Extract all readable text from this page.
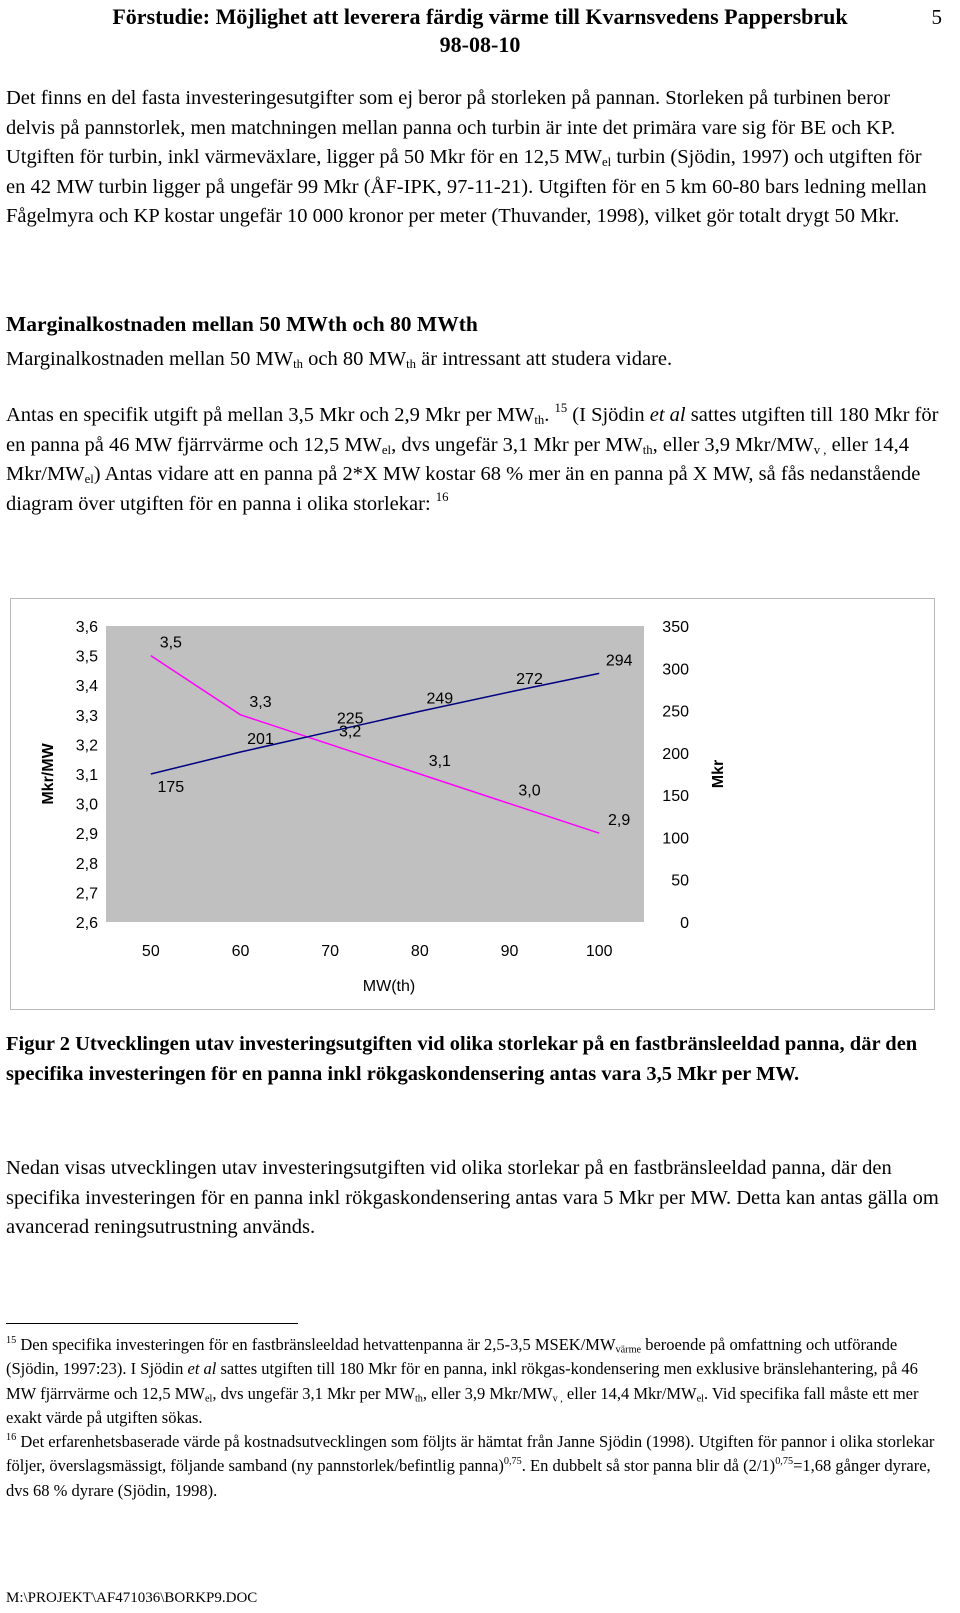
Förstudie: Möjlighet att leverera färdig värme till Kvarnsvedens Pappersbruk
98-08-10
5

Det finns en del fasta investeringesutgifter som ej beror på storleken på pannan. Storleken på turbinen beror delvis på pannstorlek, men matchningen mellan panna och turbin är inte det primära vare sig för BE och KP. Utgiften för turbin, inkl värmeväxlare, ligger på 50 Mkr för en 12,5 $MW_{el}$ turbin (Sjödin, 1997) och utgiften för en 42 MW turbin ligger på ungefär 99 Mkr (ÅF-IPK, 97-11-21). Utgiften för en 5 km 60-80 bars ledning mellan Fågelmyra och KP kostar ungefär 10 000 kronor per meter (Thuvander, 1998), vilket gör totalt drygt 50 Mkr.

Marginalkostnaden mellan 50 MWth och 80 MWth

Marginalkostnaden mellan 50 $MW_{th}$ och 80 $MW_{th}$ är intressant att studera vidare.

Antas en specifik utgift på mellan 3,5 Mkr och 2,9 Mkr per $MW_{th}$. $^{15}$ (I Sjödin et al sattes utgiften till 180 Mkr för en panna på 46 MW fjärrvärme och 12,5 $MW_{el}$, dvs ungefär 3,1 Mkr per $MW_{th}$, eller 3,9 Mkr/$MW_{v ,}$ eller 14,4 Mkr/$MW_{el}$) Antas vidare att en panna på 2*X MW kostar 68 % mer än en panna på X MW, så fås nedanstående diagram över utgiften för en panna i olika storlekar: $^{16}$

3,6
3,5
3,4
3,3
3,2
3,1
3,0
2,9
2,8
2,7
2,6
350
300
250
200
150
100
50
0
50	60	70	80	90	100
3,5
3,3
3,2
3,1
3,0
2,9
175
201
225
249
272
294
Mkr/MW	Mkr
MW(th)

Figur 2 Utvecklingen utav investeringsutgiften vid olika storlekar på en fastbränsleeldad panna, där den specifika investeringen för en panna inkl rökgaskondensering antas vara 3,5 Mkr per MW.

Nedan visas utvecklingen utav investeringsutgiften vid olika storlekar på en fastbränsleeldad panna, där den specifika investeringen för en panna inkl rökgaskondensering antas vara 5 Mkr per MW. Detta kan antas gälla om avancerad reningsutrustning används.

$^{15}$ Den specifika investeringen för en fastbränsleeldad hetvattenpanna är 2,5-3,5 MSEK/$MW_{värme}$ beroende på omfattning och utförande (Sjödin, 1997:23). I Sjödin et al sattes utgiften till 180 Mkr för en panna, inkl rökgas-kondensering men exklusive bränslehantering, på 46 MW fjärrvärme och 12,5 $MW_{el}$, dvs ungefär 3,1 Mkr per $MW_{th}$, eller 3,9 Mkr/$MW_{v ,}$ eller 14,4 Mkr/$MW_{el}$. Vid specifika fall måste ett mer exakt värde på utgiften sökas.

$^{16}$ Det erfarenhetsbaserade värde på kostnadsutvecklingen som följts är hämtat från Janne Sjödin (1998). Utgiften för pannor i olika storlekar följer, överslagsmässigt, följande samband (ny pannstorlek/befintlig panna)$^{0,75}$. En dubbelt så stor panna blir då $(2/1)^{0,75}=1,68$ gånger dyrare, dvs 68 % dyrare (Sjödin, 1998).

M:\PROJEKT\AF471036\BORKP9.DOC
